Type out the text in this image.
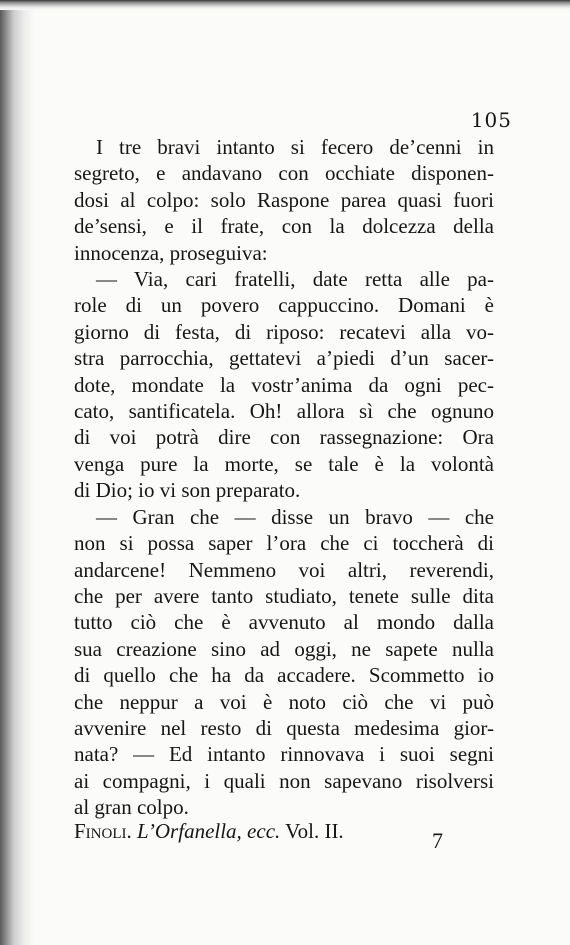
105
I tre bravi intanto si fecero de’cenni in
segreto, e andavano con occhiate disponen-
dosi al colpo: solo Raspone parea quasi fuori
de’sensi, e il frate, con la dolcezza della
innocenza, proseguiva:
— Via, cari fratelli, date retta alle pa-
role di un povero cappuccino. Domani è
giorno di festa, di riposo: recatevi alla vo-
stra parrocchia, gettatevi a’piedi d’un sacer-
dote, mondate la vostr’anima da ogni pec-
cato, santificatela. Oh! allora sì che ognuno
di voi potrà dire con rassegnazione: Ora
venga pure la morte, se tale è la volontà
di Dio; io vi son preparato.
— Gran che — disse un bravo — che
non si possa saper l’ora che ci toccherà di
andarcene! Nemmeno voi altri, reverendi,
che per avere tanto studiato, tenete sulle dita
tutto ciò che è avvenuto al mondo dalla
sua creazione sino ad oggi, ne sapete nulla
di quello che ha da accadere. Scommetto io
che neppur a voi è noto ciò che vi può
avvenire nel resto di questa medesima gior-
nata? — Ed intanto rinnovava i suoi segni
ai compagni, i quali non sapevano risolversi
al gran colpo.
Finoli. L’Orfanella, ecc. Vol. II.	7
